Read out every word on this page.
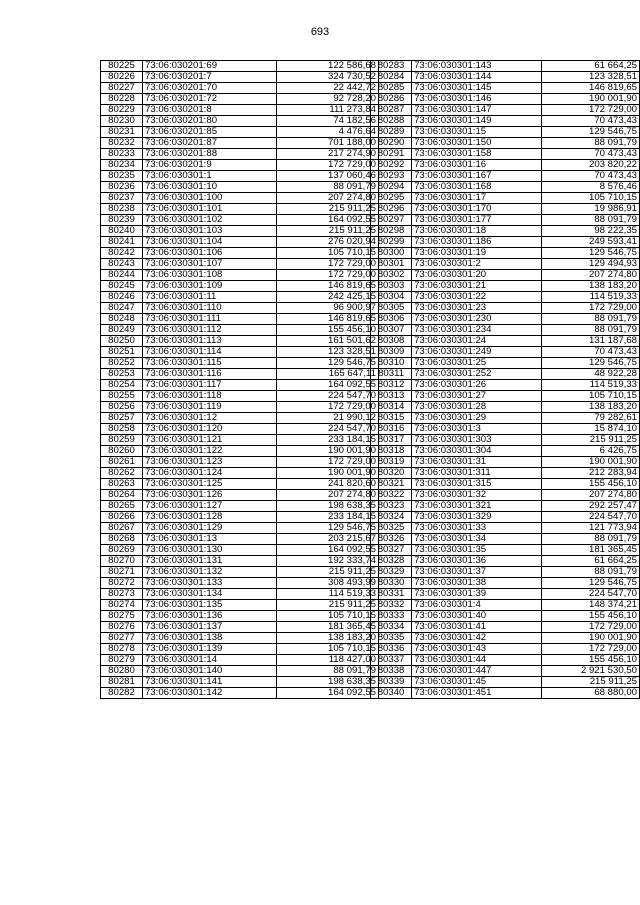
693
80225	73:06:030201:69	122 586,68
80226	73:06:030201:7	324 730,52
80227	73:06:030201:70	22 442,72
80228	73:06:030201:72	92 728,20
80229	73:06:030201:8	111 273,84
80230	73:06:030201:80	74 182,56
80231	73:06:030201:85	4 476,64
80232	73:06:030201:87	701 188,00
80233	73:06:030201:88	217 274,90
80234	73:06:030201:9	172 729,00
80235	73:06:030301:1	137 060,46
80236	73:06:030301:10	88 091,79
80237	73:06:030301:100	207 274,80
80238	73:06:030301:101	215 911,25
80239	73:06:030301:102	164 092,55
80240	73:06:030301:103	215 911,25
80241	73:06:030301:104	276 020,94
80242	73:06:030301:106	105 710,15
80243	73:06:030301:107	172 729,00
80244	73:06:030301:108	172 729,00
80245	73:06:030301:109	146 819,65
80246	73:06:030301:11	242 425,15
80247	73:06:030301:110	96 900,97
80248	73:06:030301:111	146 819,65
80249	73:06:030301:112	155 456,10
80250	73:06:030301:113	161 501,62
80251	73:06:030301:114	123 328,51
80252	73:06:030301:115	129 546,75
80253	73:06:030301:116	165 647,11
80254	73:06:030301:117	164 092,55
80255	73:06:030301:118	224 547,70
80256	73:06:030301:119	172 729,00
80257	73:06:030301:12	21 990,12
80258	73:06:030301:120	224 547,70
80259	73:06:030301:121	233 184,15
80260	73:06:030301:122	190 001,90
80261	73:06:030301:123	172 729,00
80262	73:06:030301:124	190 001,90
80263	73:06:030301:125	241 820,60
80264	73:06:030301:126	207 274,80
80265	73:06:030301:127	198 638,35
80266	73:06:030301:128	233 184,15
80267	73:06:030301:129	129 546,75
80268	73:06:030301:13	203 215,67
80269	73:06:030301:130	164 092,55
80270	73:06:030301:131	192 333,74
80271	73:06:030301:132	215 911,25
80272	73:06:030301:133	308 493,99
80273	73:06:030301:134	114 519,33
80274	73:06:030301:135	215 911,25
80275	73:06:030301:136	105 710,15
80276	73:06:030301:137	181 365,45
80277	73:06:030301:138	138 183,20
80278	73:06:030301:139	105 710,15
80279	73:06:030301:14	118 427,00
80280	73:06:030301:140	88 091,79
80281	73:06:030301:141	198 638,35
80282	73:06:030301:142	164 092,55
80283	73:06:030301:143	61 664,25
80284	73:06:030301:144	123 328,51
80285	73:06:030301:145	146 819,65
80286	73:06:030301:146	190 001,90
80287	73:06:030301:147	172 729,00
80288	73:06:030301:149	70 473,43
80289	73:06:030301:15	129 546,75
80290	73:06:030301:150	88 091,79
80291	73:06:030301:158	70 473,43
80292	73:06:030301:16	203 820,22
80293	73:06:030301:167	70 473,43
80294	73:06:030301:168	8 576,46
80295	73:06:030301:17	105 710,15
80296	73:06:030301:170	19 986,91
80297	73:06:030301:177	88 091,79
80298	73:06:030301:18	98 222,35
80299	73:06:030301:186	249 593,41
80300	73:06:030301:19	129 546,75
80301	73:06:030301:2	129 494,93
80302	73:06:030301:20	207 274,80
80303	73:06:030301:21	138 183,20
80304	73:06:030301:22	114 519,33
80305	73:06:030301:23	172 729,00
80306	73:06:030301:230	88 091,79
80307	73:06:030301:234	88 091,79
80308	73:06:030301:24	131 187,68
80309	73:06:030301:249	70 473,43
80310	73:06:030301:25	129 546,75
80311	73:06:030301:252	48 922,28
80312	73:06:030301:26	114 519,33
80313	73:06:030301:27	105 710,15
80314	73:06:030301:28	138 183,20
80315	73:06:030301:29	79 282,61
80316	73:06:030301:3	15 874,10
80317	73:06:030301:303	215 911,25
80318	73:06:030301:304	6 426,75
80319	73:06:030301:31	190 001,90
80320	73:06:030301:311	212 283,94
80321	73:06:030301:315	155 456,10
80322	73:06:030301:32	207 274,80
80323	73:06:030301:321	292 257,47
80324	73:06:030301:329	224 547,70
80325	73:06:030301:33	121 773,94
80326	73:06:030301:34	88 091,79
80327	73:06:030301:35	181 365,45
80328	73:06:030301:36	61 664,25
80329	73:06:030301:37	88 091,79
80330	73:06:030301:38	129 546,75
80331	73:06:030301:39	224 547,70
80332	73:06:030301:4	148 374,21
80333	73:06:030301:40	155 456,10
80334	73:06:030301:41	172 729,00
80335	73:06:030301:42	190 001,90
80336	73:06:030301:43	172 729,00
80337	73:06:030301:44	155 456,10
80338	73:06:030301:447	2 921 530,50
80339	73:06:030301:45	215 911,25
80340	73:06:030301:451	68 880,00
